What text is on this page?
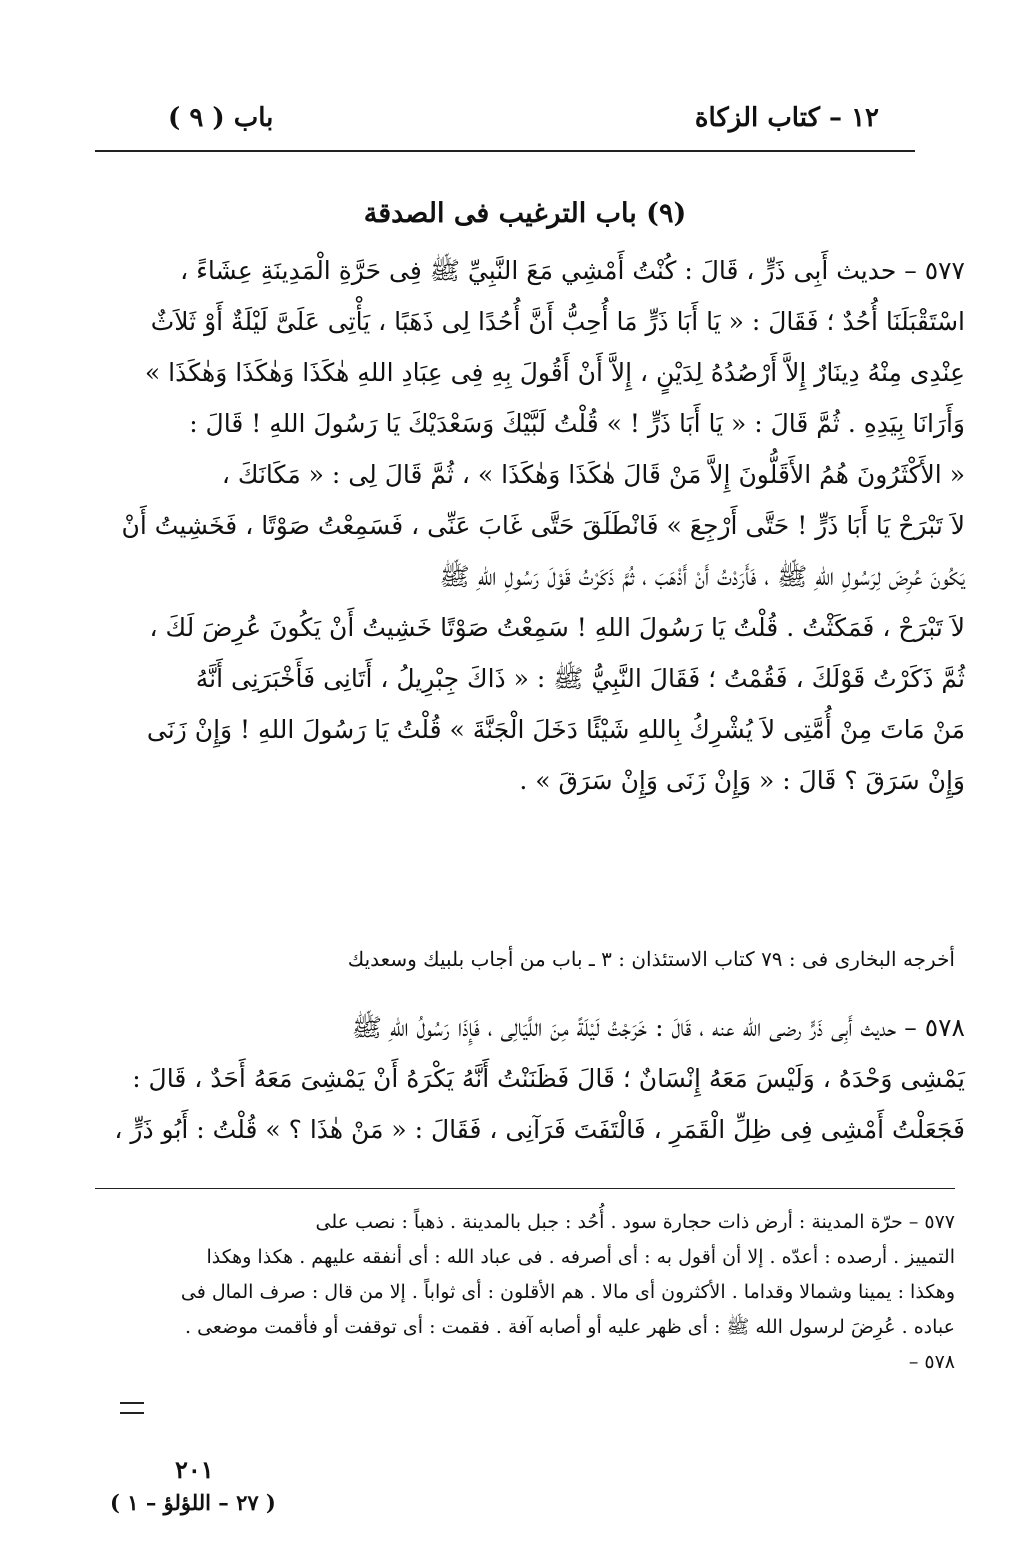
( ٩ ) باب	١٢ – كتاب الزكاة
(٩) باب الترغيب فى الصدقة

٥٧٧ – حديث أَبِى ذَرٍّ ، قَالَ : كُنْتُ أَمْشِي مَعَ النَّبِيِّ ﷺ فِى حَرَّةِ الْمَدِينَةِ عِشَاءً ،

اسْتَقْبَلَنَا أُحُدٌ ؛ فَقَالَ : « يَا أَبَا ذَرٍّ مَا أُحِبُّ أَنَّ أُحُدًا لِى ذَهَبًا ، يَأْتِى عَلَىَّ لَيْلَةٌ أَوْ ثَلاَثٌ

عِنْدِى مِنْهُ دِينَارٌ إِلاَّ أَرْصُدُهُ لِدَيْنٍ ، إِلاَّ أَنْ أَقُولَ بِهِ فِى عِبَادِ اللهِ هٰكَذَا وَهٰكَذَا وَهٰكَذَا »

وَأَرَانَا بِيَدِهِ . ثُمَّ قَالَ : « يَا أَبَا ذَرٍّ ! » قُلْتُ لَبَّيْكَ وَسَعْدَيْكَ يَا رَسُولَ اللهِ ! قَالَ :

« الأَكْثَرُونَ هُمُ الأَقَلُّونَ إِلاَّ مَنْ قَالَ هٰكَذَا وَهٰكَذَا » ، ثُمَّ قَالَ لِى : « مَكَانَكَ ،

لاَ تَبْرَحْ يَا أَبَا ذَرٍّ ! حَتَّى أَرْجِعَ » فَانْطَلَقَ حَتَّى غَابَ عَنِّى ، فَسَمِعْتُ صَوْتًا ، فَخَشِيتُ أَنْ

يَكُونَ عُرِضَ لِرَسُولِ اللهِ ﷺ ، فَأَرَدْتُ أَنْ أَذْهَبَ ، ثُمَّ ذَكَرْتُ قَوْلَ رَسُولِ اللهِ ﷺ

لاَ تَبْرَحْ ، فَمَكَثْتُ . قُلْتُ يَا رَسُولَ اللهِ ! سَمِعْتُ صَوْتًا خَشِيتُ أَنْ يَكُونَ عُرِضَ لَكَ ،

ثُمَّ ذَكَرْتُ قَوْلَكَ ، فَقُمْتُ ؛ فَقَالَ النَّبِيُّ ﷺ : « ذَاكَ جِبْرِيلُ ، أَتَانِى فَأَخْبَرَنِى أَنَّهُ

مَنْ مَاتَ مِنْ أُمَّتِى لاَ يُشْرِكُ بِاللهِ شَيْئًا دَخَلَ الْجَنَّةَ » قُلْتُ يَا رَسُولَ اللهِ ! وَإِنْ زَنَى

وَإِنْ سَرَقَ ؟ قَالَ : « وَإِنْ زَنَى وَإِنْ سَرَقَ » .

أخرجه البخارى فى : ٧٩ كتاب الاستئذان : ٣ ـ باب من أجاب بلبيك وسعديك

٥٧٨ – حديث أَبِى ذَرٍّ رضى الله عنه ، قَالَ : خَرَجْتُ لَيْلَةً مِنَ اللَّيَالِى ، فَإِذَا رَسُولُ اللهِ ﷺ

يَمْشِى وَحْدَهُ ، وَلَيْسَ مَعَهُ إِنْسَانٌ ؛ قَالَ فَظَنَنْتُ أَنَّهُ يَكْرَهُ أَنْ يَمْشِىَ مَعَهُ أَحَدٌ ، قَالَ :

فَجَعَلْتُ أَمْشِى فِى ظِلِّ الْقَمَرِ ، فَالْتَفَتَ فَرَآنِى ، فَقَالَ : « مَنْ هٰذَا ؟ » قُلْتُ : أَبُو ذَرٍّ ،

٥٧٧ – حرّة المدينة : أرض ذات حجارة سود . أُحُد : جبل بالمدينة . ذهباً : نصب على

التمييز . أرصده : أعدّه . إلا أن أقول به : أى أصرفه . فى عباد الله : أى أنفقه عليهم . هكذا وهكذا

وهكذا : يمينا وشمالا وقداما . الأكثرون أى مالا . هم الأقلون : أى ثواباً . إلا من قال : صرف المال فى

عباده . عُرِضَ لرسول الله ﷺ : أى ظهر عليه أو أصابه آفة . فقمت : أى توقفت أو فأقمت موضعى .

٥٧٨ –

٢٠١
( ٢٧ – اللؤلؤ – ١ )
